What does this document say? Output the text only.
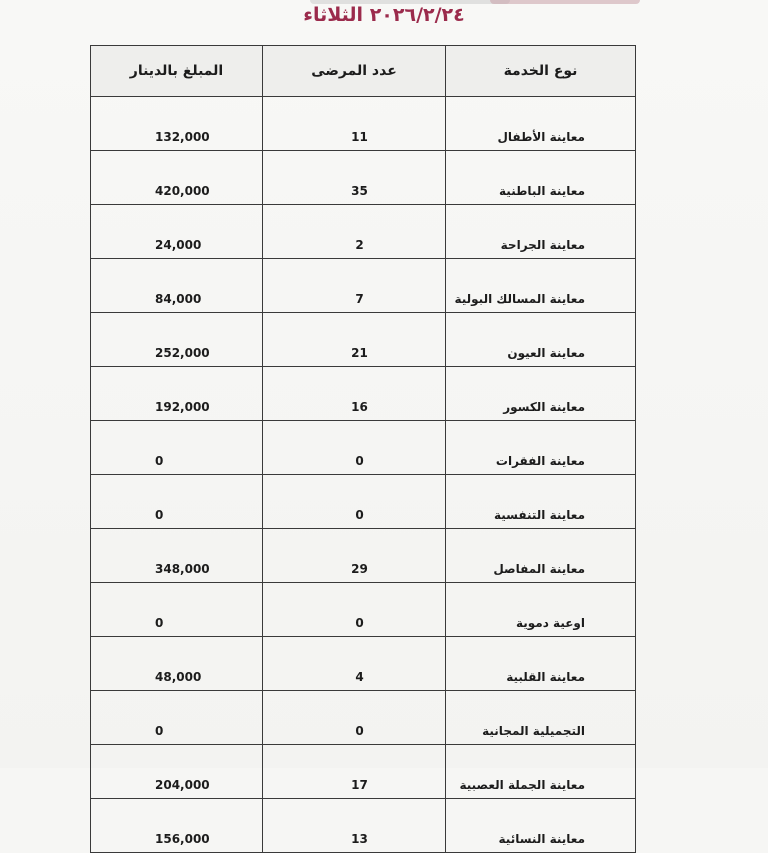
٢٠٢٦/٢/٢٤ الثلاثاء
نوع الخدمة	عدد المرضى	المبلغ بالدينار
معاينة الأطفال	11	132,000
معاينة الباطنية	35	420,000
معاينة الجراحة	2	24,000
معاينة المسالك البولية	7	84,000
معاينة العيون	21	252,000
معاينة الكسور	16	192,000
معاينة الفقرات	0	0
معاينة التنفسية	0	0
معاينة المفاصل	29	348,000
اوعية دموية	0	0
معاينة القلبية	4	48,000
التجميلية المجانية	0	0
معاينة الجملة العصبية	17	204,000
معاينة النسائية	13	156,000
